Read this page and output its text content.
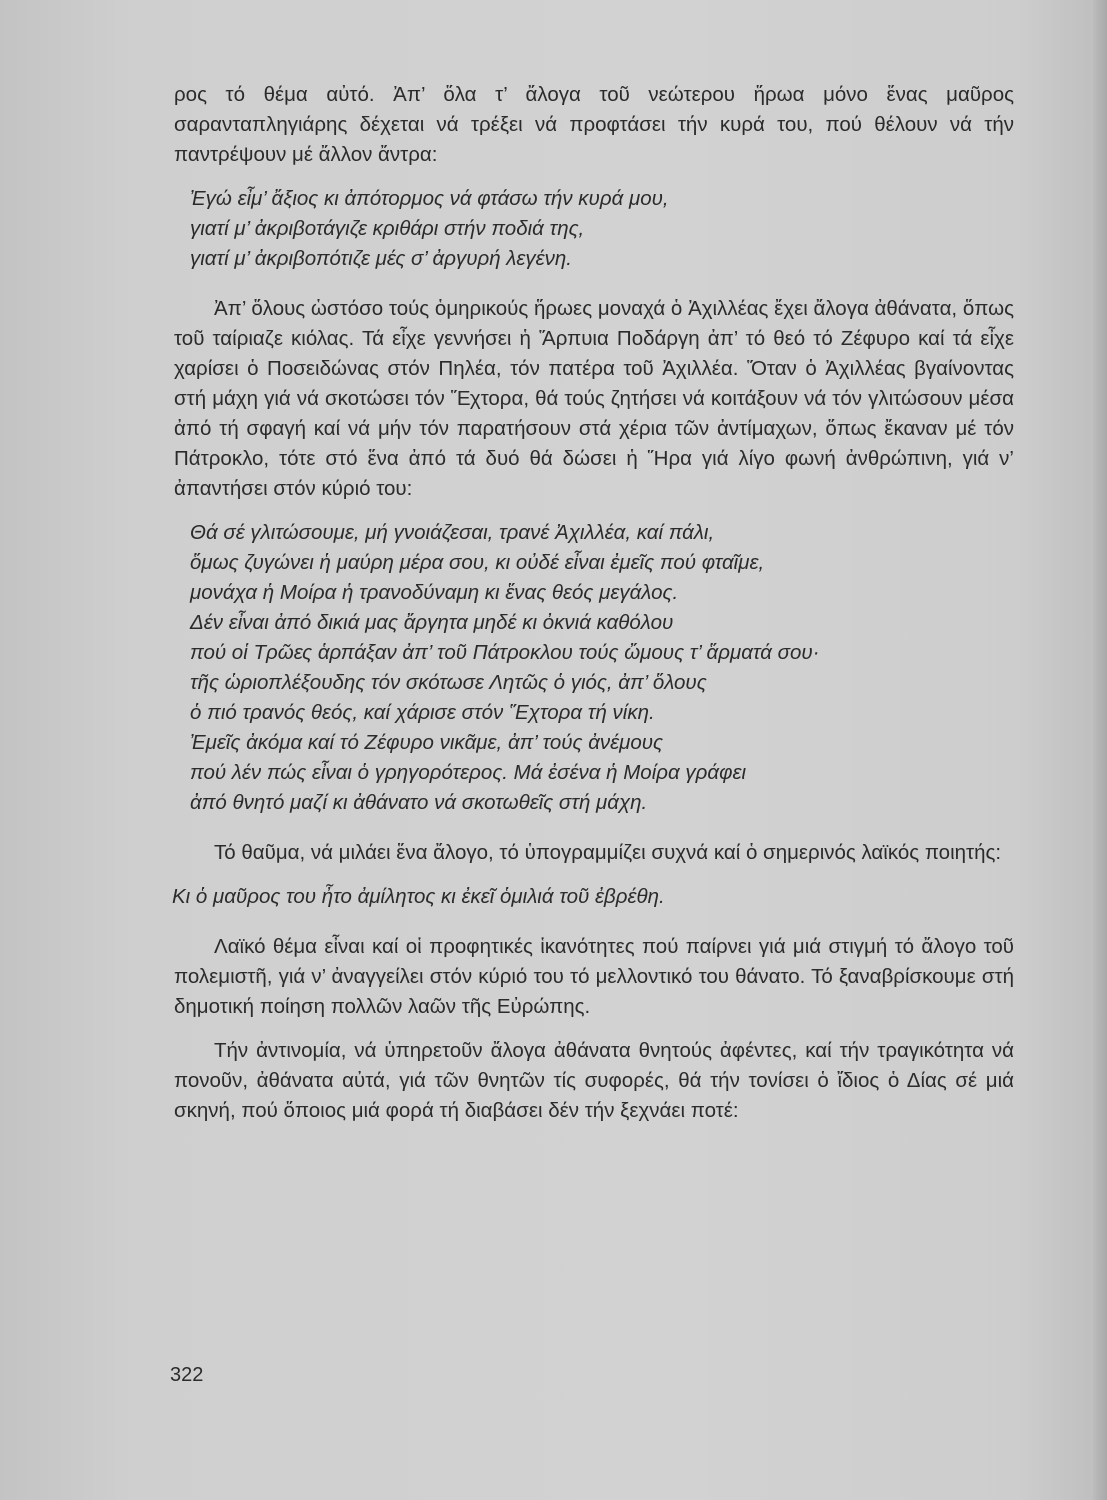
ρος τό θέμα αὐτό. Ἀπ’ ὅλα τ’ ἄλογα τοῦ νεώτερου ἥρωα μόνο ἕνας μαῦρος σαρανταπληγιάρης δέχεται νά τρέξει νά προφτάσει τήν κυρά του, πού θέλουν νά τήν παντρέψουν μέ ἄλλον ἄντρα:

Ἐγώ εἶμ’ ἄξιος κι ἀπότορμος νά φτάσω τήν κυρά μου,
γιατί μ’ ἀκριβοτάγιζε κριθάρι στήν ποδιά της,
γιατί μ’ ἀκριβοπότιζε μές σ’ ἀργυρή λεγένη.

Ἀπ’ ὅλους ὡστόσο τούς ὁμηρικούς ἥρωες μοναχά ὁ Ἀχιλλέας ἔχει ἄλογα ἀθάνατα, ὅπως τοῦ ταίριαζε κιόλας. Τά εἶχε γεννήσει ἡ Ἅρπυια Ποδάργη ἀπ’ τό θεό τό Ζέφυρο καί τά εἶχε χαρίσει ὁ Ποσειδώνας στόν Πηλέα, τόν πατέρα τοῦ Ἀχιλλέα. Ὅταν ὁ Ἀχιλλέας βγαίνοντας στή μάχη γιά νά σκοτώσει τόν Ἕχτορα, θά τούς ζητήσει νά κοιτάξουν νά τόν γλιτώσουν μέσα ἀπό τή σφαγή καί νά μήν τόν παρατήσουν στά χέρια τῶν ἀντίμαχων, ὅπως ἔκαναν μέ τόν Πάτροκλο, τότε στό ἕνα ἀπό τά δυό θά δώσει ἡ Ἥρα γιά λίγο φωνή ἀνθρώπινη, γιά ν’ ἀπαντήσει στόν κύριό του:

Θά σέ γλιτώσουμε, μή γνοιάζεσαι, τρανέ Ἀχιλλέα, καί πάλι,
ὅμως ζυγώνει ἡ μαύρη μέρα σου, κι οὐδέ εἶναι ἐμεῖς πού φταῖμε,
μονάχα ἡ Μοίρα ἡ τρανοδύναμη κι ἕνας θεός μεγάλος.
Δέν εἶναι ἀπό δικιά μας ἄργητα μηδέ κι ὀκνιά καθόλου
πού οἱ Τρῶες ἁρπάξαν ἀπ’ τοῦ Πάτροκλου τούς ὤμους τ’ ἅρματά σου·
τῆς ὡριοπλέξουδης τόν σκότωσε Λητῶς ὁ γιός, ἀπ’ ὅλους
ὁ πιό τρανός θεός, καί χάρισε στόν Ἕχτορα τή νίκη.
Ἐμεῖς ἀκόμα καί τό Ζέφυρο νικᾶμε, ἀπ’ τούς ἀνέμους
πού λέν πώς εἶναι ὁ γρηγορότερος. Μά ἐσένα ἡ Μοίρα γράφει
ἀπό θνητό μαζί κι ἀθάνατο νά σκοτωθεῖς στή μάχη.

Τό θαῦμα, νά μιλάει ἕνα ἄλογο, τό ὑπογραμμίζει συχνά καί ὁ σημερινός λαϊκός ποιητής:

Κι ὁ μαῦρος του ἦτο ἀμίλητος κι ἐκεῖ ὁμιλιά τοῦ ἐβρέθη.

Λαϊκό θέμα εἶναι καί οἱ προφητικές ἱκανότητες πού παίρνει γιά μιά στιγμή τό ἄλογο τοῦ πολεμιστῆ, γιά ν’ ἀναγγείλει στόν κύριό του τό μελλοντικό του θάνατο. Τό ξαναβρίσκουμε στή δημοτική ποίηση πολλῶν λαῶν τῆς Εὐρώπης.

Τήν ἀντινομία, νά ὑπηρετοῦν ἄλογα ἀθάνατα θνητούς ἀφέντες, καί τήν τραγικότητα νά πονοῦν, ἀθάνατα αὐτά, γιά τῶν θνητῶν τίς συφορές, θά τήν τονίσει ὁ ἴδιος ὁ Δίας σέ μιά σκηνή, πού ὅποιος μιά φορά τή διαβάσει δέν τήν ξεχνάει ποτέ:

322
